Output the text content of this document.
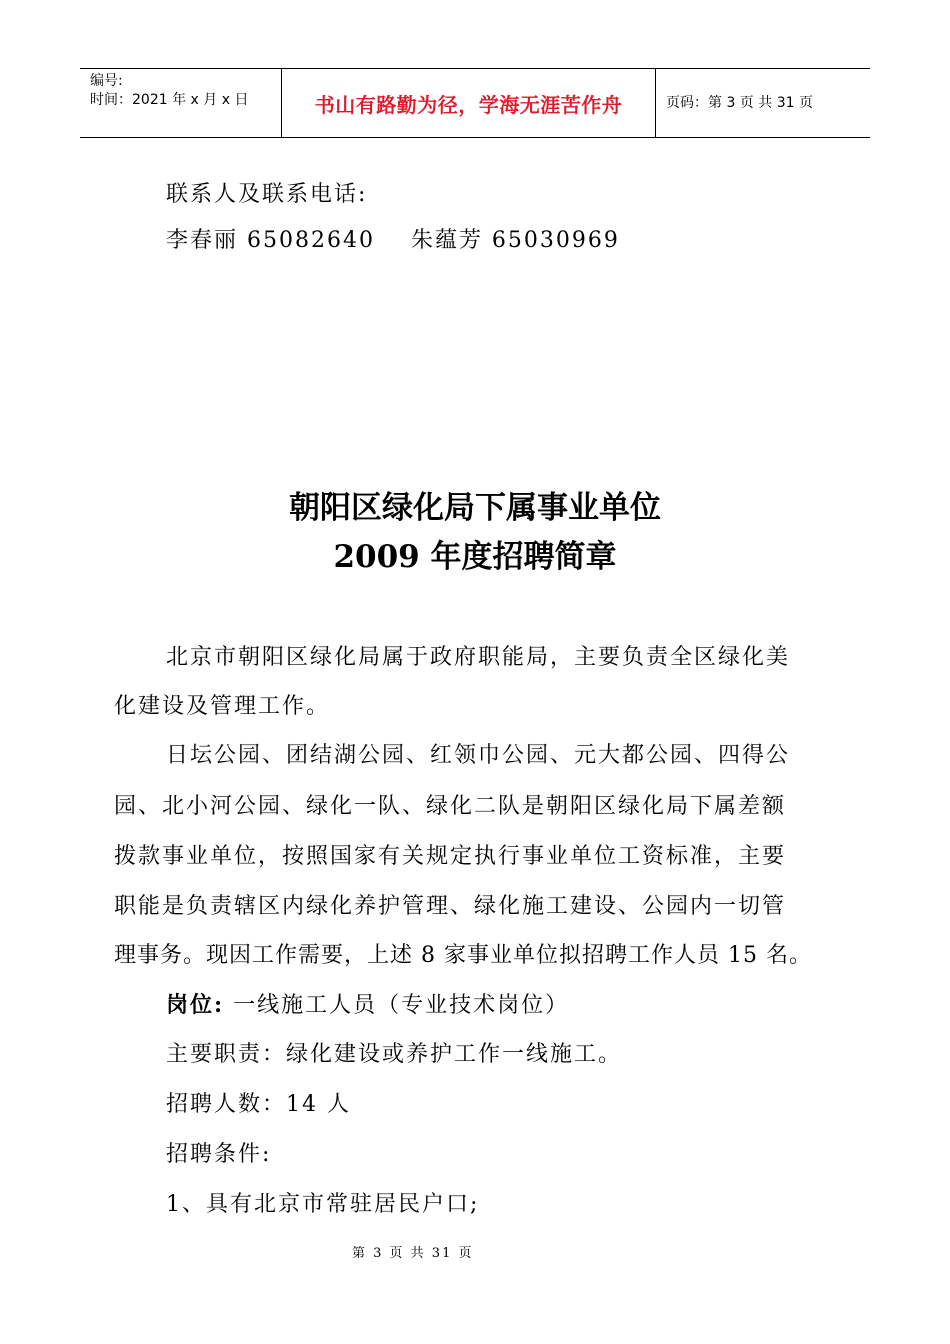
编号:
时间：2021 年 x 月 x 日	书山有路勤为径，学海无涯苦作舟	页码：第 3 页 共 31 页
联系人及联系电话:
李春丽 65082640    朱蕴芳 65030969
朝阳区绿化局下属事业单位
2009 年度招聘简章
北京市朝阳区绿化局属于政府职能局，主要负责全区绿化美
化建设及管理工作。
日坛公园、团结湖公园、红领巾公园、元大都公园、四得公
园、北小河公园、绿化一队、绿化二队是朝阳区绿化局下属差额
拨款事业单位，按照国家有关规定执行事业单位工资标准，主要
职能是负责辖区内绿化养护管理、绿化施工建设、公园内一切管
理事务。现因工作需要，上述 8 家事业单位拟招聘工作人员 15 名。
岗位: 一线施工人员（专业技术岗位）
主要职责：绿化建设或养护工作一线施工。
招聘人数：14 人
招聘条件:
1、具有北京市常驻居民户口;
第 3 页 共 31 页
